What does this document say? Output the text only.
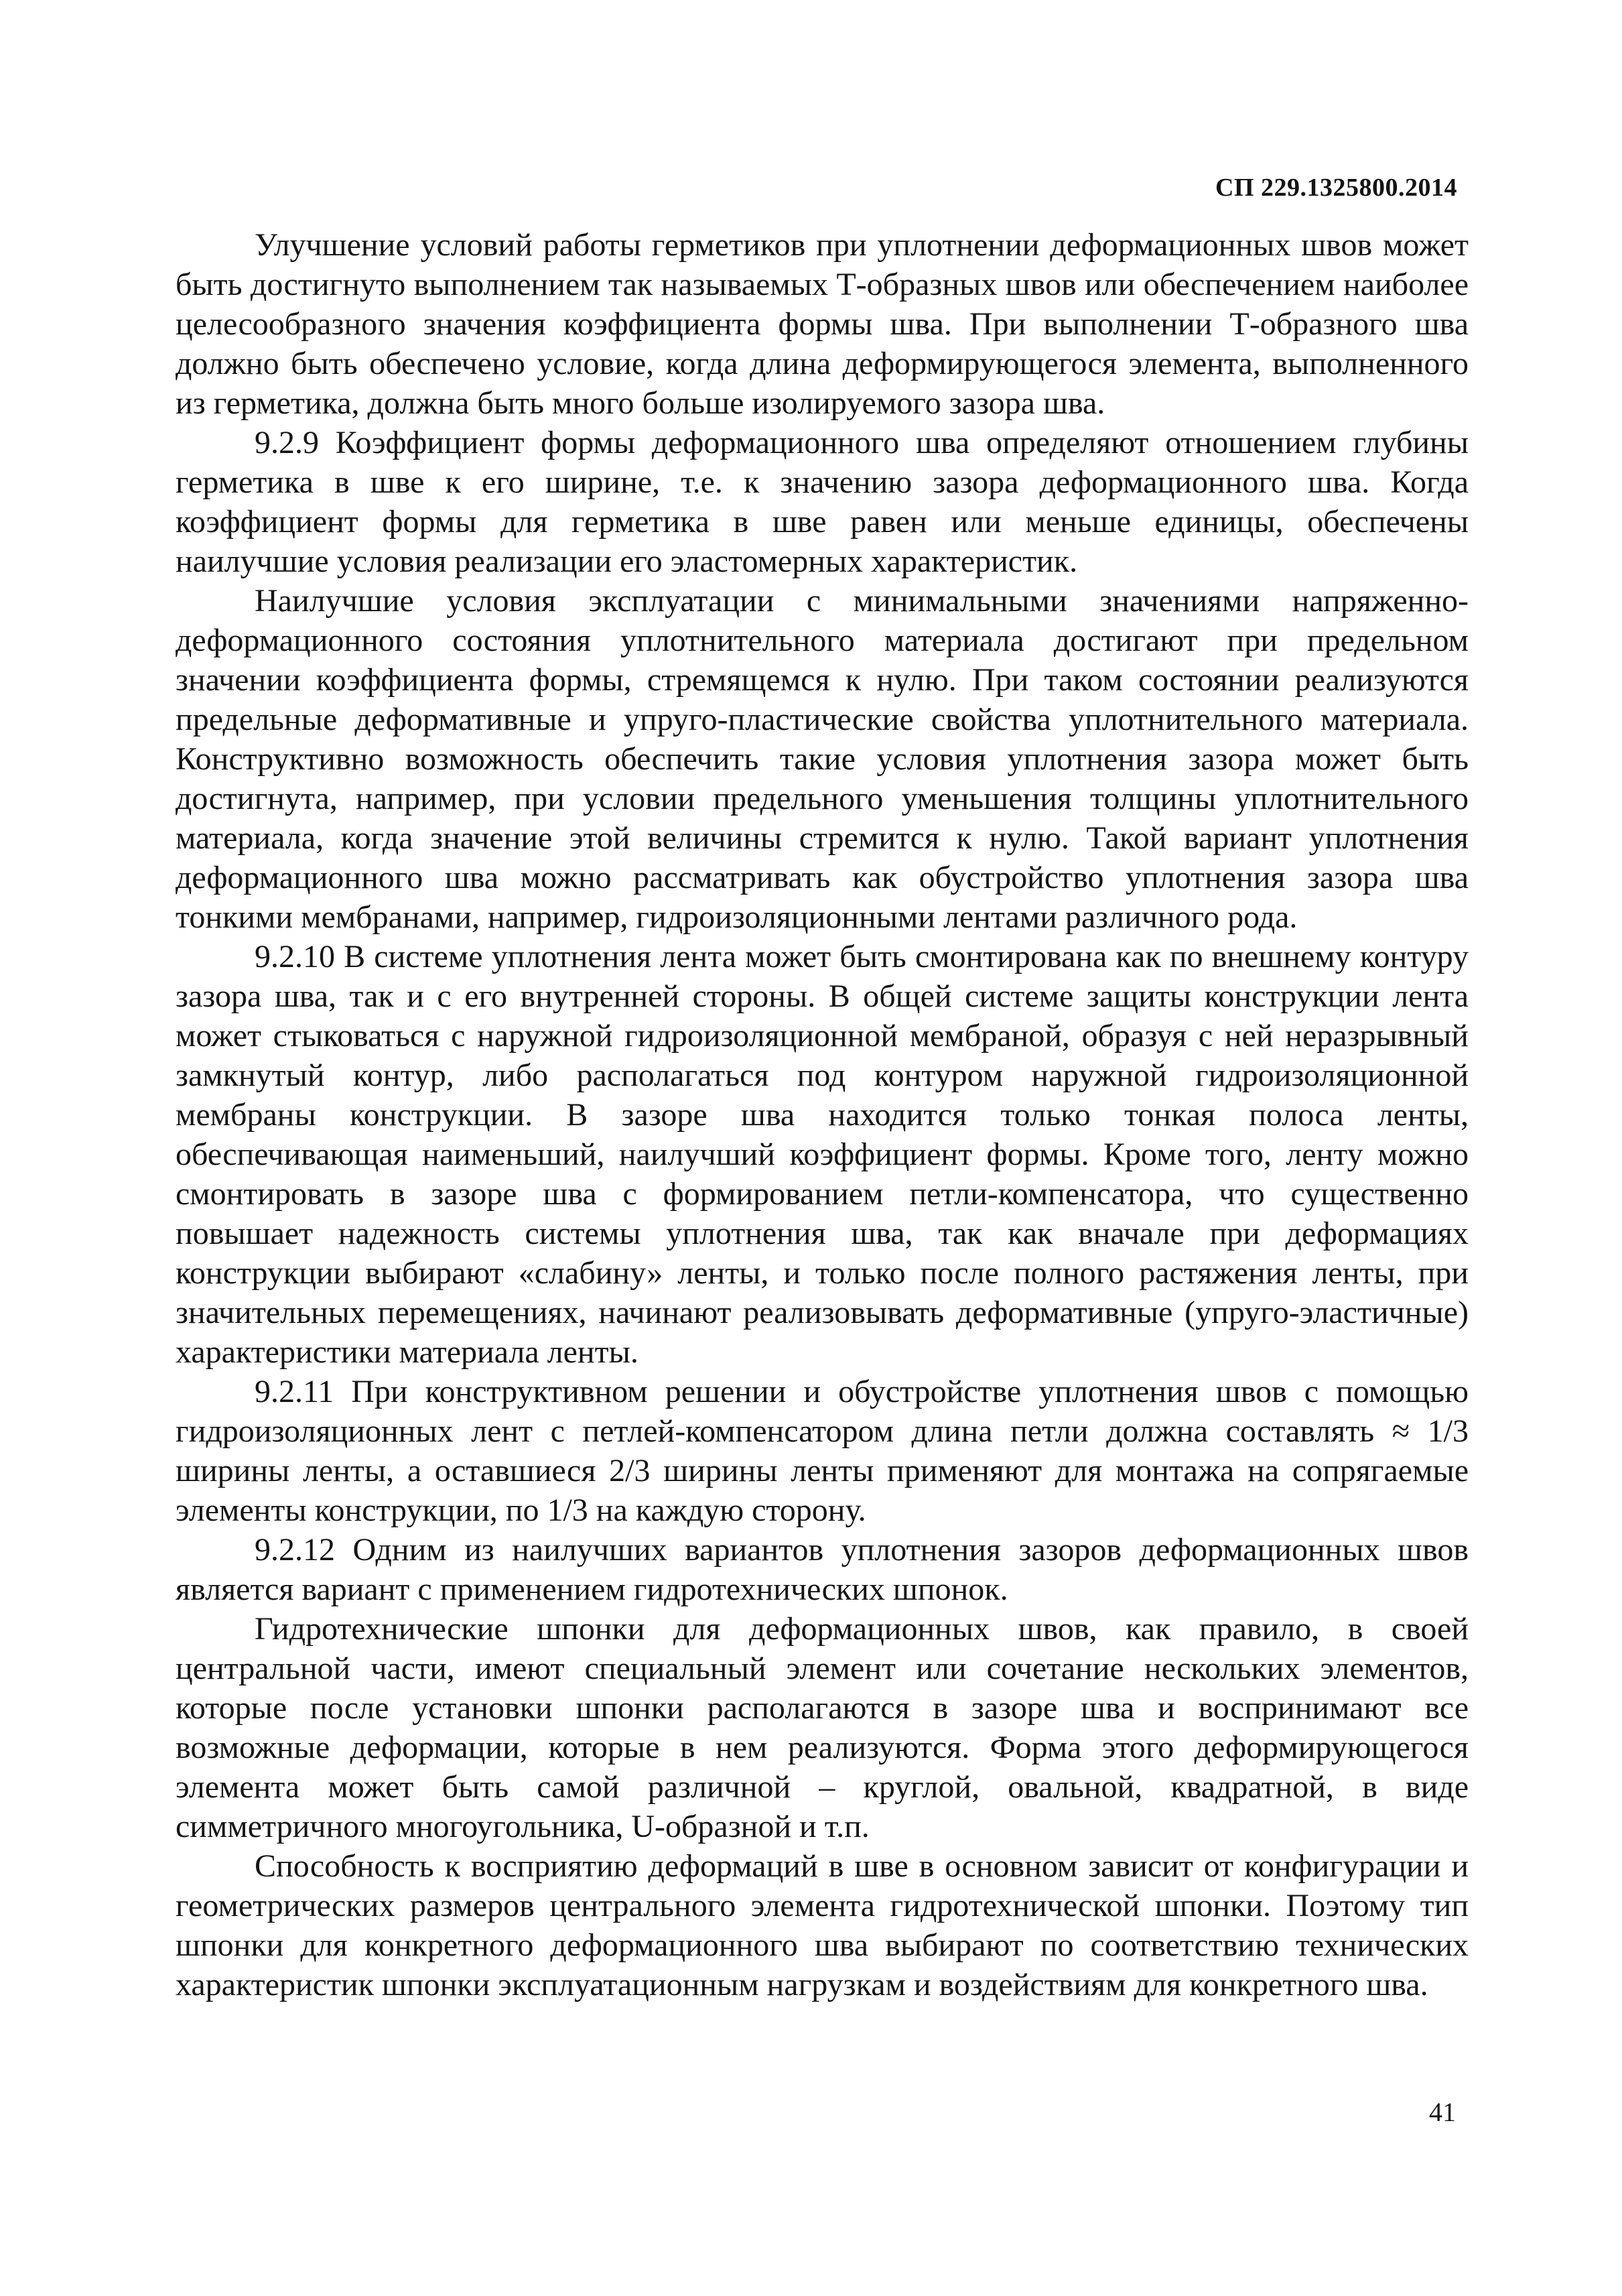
СП 229.1325800.2014

Улучшение условий работы герметиков при уплотнении деформационных швов может быть достигнуто выполнением так называемых Т-образных швов или обеспечением наиболее целесообразного значения коэффициента формы шва. При выполнении Т-образного шва должно быть обеспечено условие, когда длина деформирующегося элемента, выполненного из герметика, должна быть много больше изолируемого зазора шва.

9.2.9 Коэффициент формы деформационного шва определяют отношением глубины герметика в шве к его ширине, т.е. к значению зазора деформационного шва. Когда коэффициент формы для герметика в шве равен или меньше единицы, обеспечены наилучшие условия реализации его эластомерных характеристик.

Наилучшие условия эксплуатации с минимальными значениями напряженно-деформационного состояния уплотнительного материала достигают при предельном значении коэффициента формы, стремящемся к нулю. При таком состоянии реализуются предельные деформативные и упруго-пластические свойства уплотнительного материала. Конструктивно возможность обеспечить такие условия уплотнения зазора может быть достигнута, например, при условии предельного уменьшения толщины уплотнительного материала, когда значение этой величины стремится к нулю. Такой вариант уплотнения деформационного шва можно рассматривать как обустройство уплотнения зазора шва тонкими мембранами, например, гидроизоляционными лентами различного рода.

9.2.10 В системе уплотнения лента может быть смонтирована как по внешнему контуру зазора шва, так и с его внутренней стороны. В общей системе защиты конструкции лента может стыковаться с наружной гидроизоляционной мембраной, образуя с ней неразрывный замкнутый контур, либо располагаться под контуром наружной гидроизоляционной мембраны конструкции. В зазоре шва находится только тонкая полоса ленты, обеспечивающая наименьший, наилучший коэффициент формы. Кроме того, ленту можно смонтировать в зазоре шва с формированием петли-компенсатора, что существенно повышает надежность системы уплотнения шва, так как вначале при деформациях конструкции выбирают «слабину» ленты, и только после полного растяжения ленты, при значительных перемещениях, начинают реализовывать деформативные (упруго-эластичные) характеристики материала ленты.

9.2.11 При конструктивном решении и обустройстве уплотнения швов с помощью гидроизоляционных лент с петлей-компенсатором длина петли должна составлять ≈ 1/3 ширины ленты, а оставшиеся 2/3 ширины ленты применяют для монтажа на сопрягаемые элементы конструкции, по 1/3 на каждую сторону.

9.2.12 Одним из наилучших вариантов уплотнения зазоров деформационных швов является вариант с применением гидротехнических шпонок.

Гидротехнические шпонки для деформационных швов, как правило, в своей центральной части, имеют специальный элемент или сочетание нескольких элементов, которые после установки шпонки располагаются в зазоре шва и воспринимают все возможные деформации, которые в нем реализуются. Форма этого деформирующегося элемента может быть самой различной – круглой, овальной, квадратной, в виде симметричного многоугольника, U-образной и т.п.

Способность к восприятию деформаций в шве в основном зависит от конфигурации и геометрических размеров центрального элемента гидротехнической шпонки. Поэтому тип шпонки для конкретного деформационного шва выбирают по соответствию технических характеристик шпонки эксплуатационным нагрузкам и воздействиям для конкретного шва.

41
